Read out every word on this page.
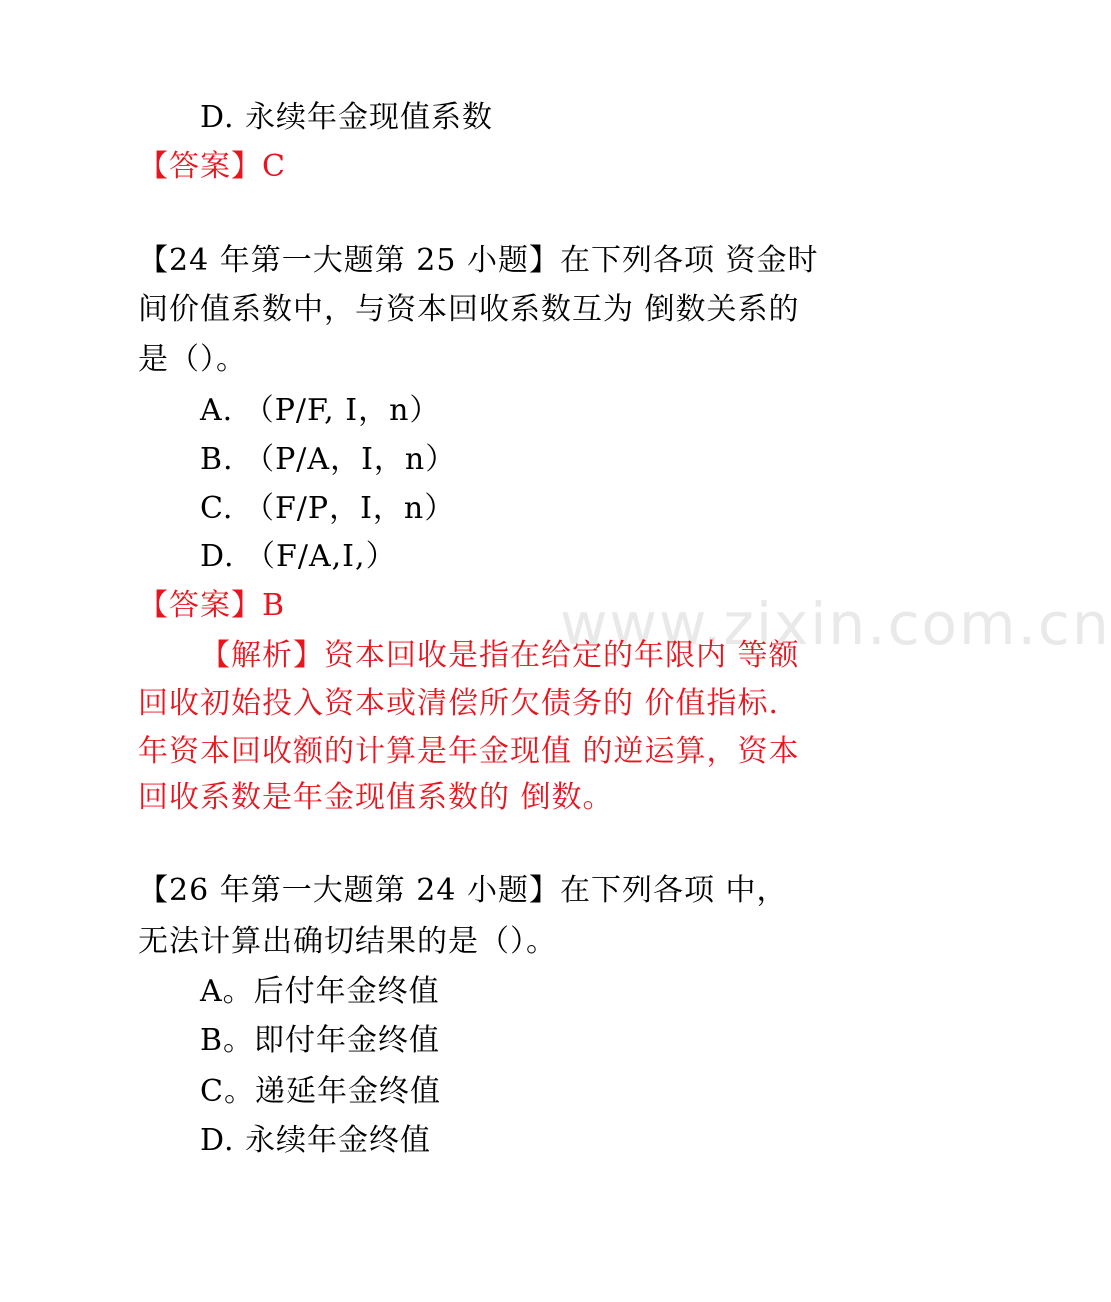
www.zixin.com.cn
D. 永续年金现值系数
【答案】C
【24 年第一大题第 25 小题】在下列各项 资金时
间价值系数中，与资本回收系数互为 倒数关系的
是（）。
A. （P/F, I，n）
B. （P/A，I，n）
C. （F/P，I，n）
D. （F/A,I,）
【答案】B
【解析】资本回收是指在给定的年限内 等额
回收初始投入资本或清偿所欠债务的 价值指标.
年资本回收额的计算是年金现值 的逆运算，资本
回收系数是年金现值系数的 倒数。
【26 年第一大题第 24 小题】在下列各项 中，
无法计算出确切结果的是（）。
A。后付年金终值
B。即付年金终值
C。递延年金终值
D. 永续年金终值
